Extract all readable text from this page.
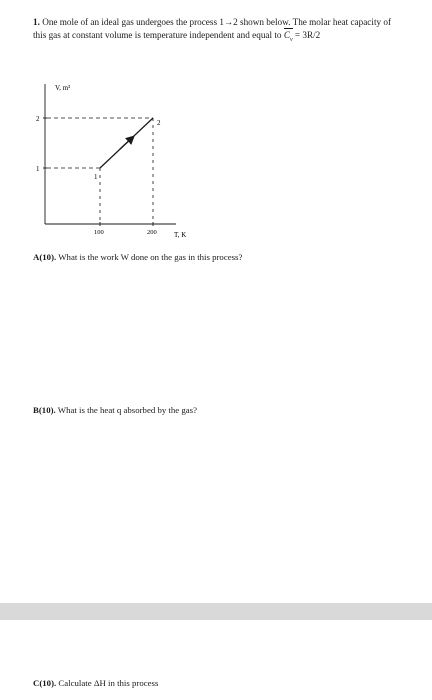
1. One mole of an ideal gas undergoes the process 1→2 shown below. The molar heat capacity of this gas at constant volume is temperature independent and equal to $C_v = 3R/2$
V, m³
T, K
2
1
100	200
1
2
A(10). What is the work W done on the gas in this process?
B(10). What is the heat q absorbed by the gas?
C(10). Calculate ΔH in this process
